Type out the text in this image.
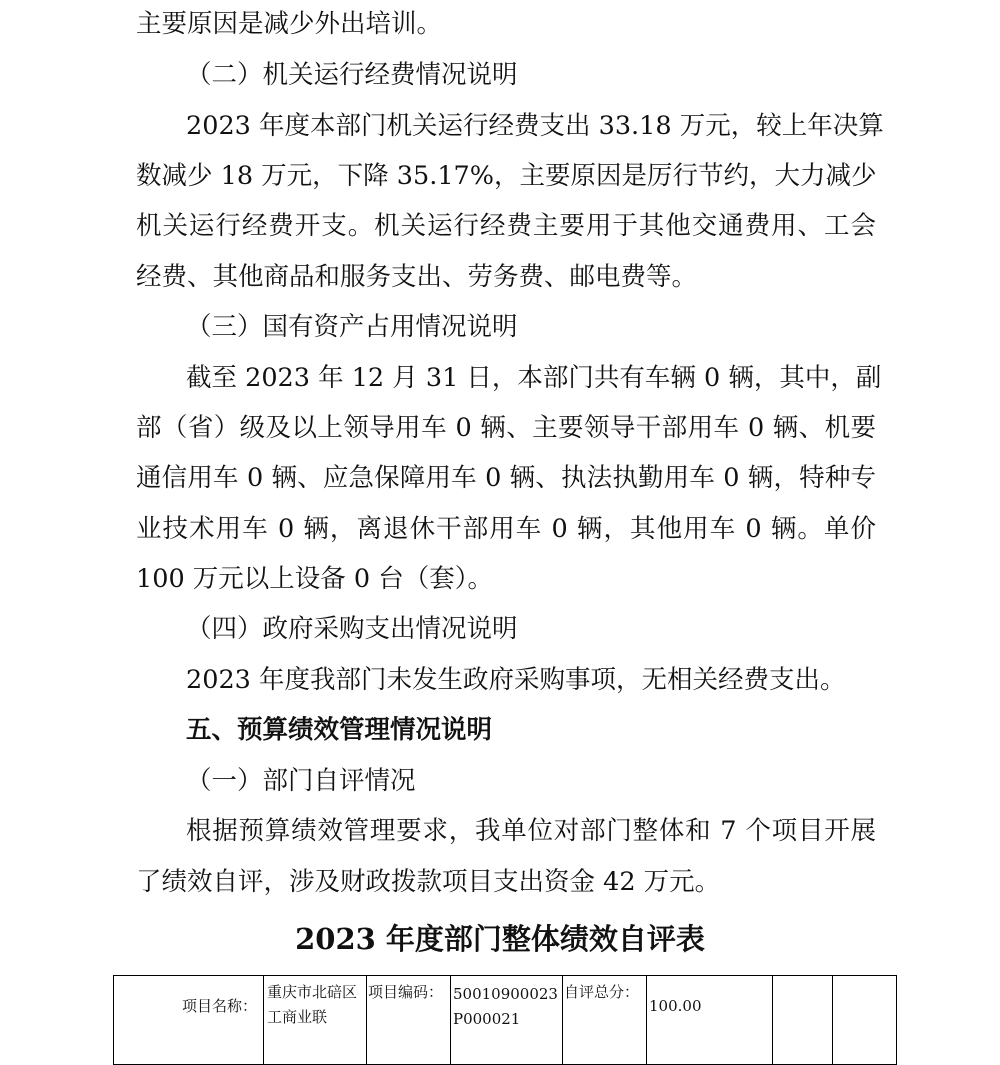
主要原因是减少外出培训。
（二）机关运行经费情况说明
2023 年度本部门机关运行经费支出 33.18 万元，较上年决算
数减少 18 万元，下降 35.17%，主要原因是厉行节约，大力减少
机关运行经费开支。机关运行经费主要用于其他交通费用、工会
经费、其他商品和服务支出、劳务费、邮电费等。
（三）国有资产占用情况说明
截至 2023 年 12 月 31 日，本部门共有车辆 0 辆，其中，副
部（省）级及以上领导用车 0 辆、主要领导干部用车 0 辆、机要
通信用车 0 辆、应急保障用车 0 辆、执法执勤用车 0 辆，特种专
业技术用车 0 辆，离退休干部用车 0 辆，其他用车 0 辆。单价
100 万元以上设备 0 台（套）。
（四）政府采购支出情况说明
2023 年度我部门未发生政府采购事项，无相关经费支出。
五、预算绩效管理情况说明
（一）部门自评情况
根据预算绩效管理要求，我单位对部门整体和 7 个项目开展
了绩效自评，涉及财政拨款项目支出资金 42 万元。
2023 年度部门整体绩效自评表
项目名称：	重庆市北碚区工商业联	项目编码：	50010900023P000021	自评总分：	100.00		
